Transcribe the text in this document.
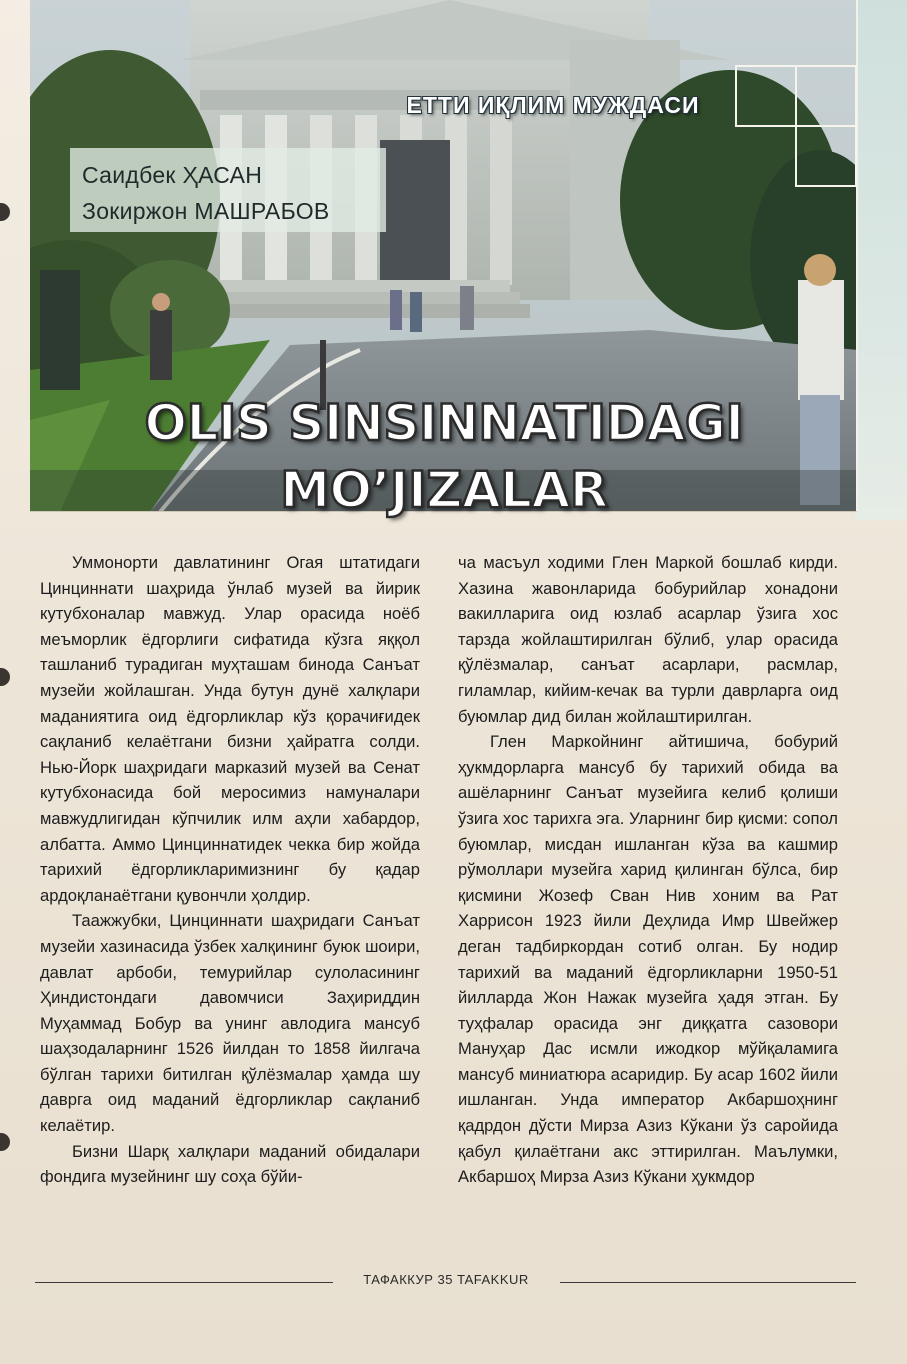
ЕТТИ ИҚЛИМ МУЖДАСИ
Саидбек ҲАСАН
Зокиржон МАШРАБОВ
OLIS SINSINNATIDAGI
MO’JIZALAR

Уммонорти давлатининг Огая штатидаги Цинциннати шаҳрида ўнлаб музей ва йирик кутубхоналар мавжуд. Улар орасида ноёб меъморлик ёдгорлиги сифатида кўзга яққол ташланиб турадиган муҳташам бинода Санъат музейи жойлашган. Унда бутун дунё халқлари маданиятига оид ёдгорликлар кўз қорачиғидек сақланиб келаётгани бизни ҳайратга солди. Нью-Йорк шаҳридаги марказий музей ва Сенат кутубхонасида бой меросимиз намуналари мавжудлигидан кўпчилик илм аҳли хабардор, албатта. Аммо Цинциннатидек чекка бир жойда тарихий ёдгорликларимизнинг бу қадар ардоқланаётгани қувончли ҳолдир.

Таажжубки, Цинциннати шаҳридаги Санъат музейи хазинасида ўзбек халқининг буюк шоири, давлат арбоби, темурийлар сулоласининг Ҳиндистондаги давомчиси Заҳириддин Муҳаммад Бобур ва унинг авлодига мансуб шаҳзодаларнинг 1526 йилдан то 1858 йилгача бўлган тарихи битилган қўлёзмалар ҳамда шу даврга оид маданий ёдгорликлар сақланиб келаётир.

Бизни Шарқ халқлари маданий обидалари фондига музейнинг шу соҳа бўйи-

ча масъул ходими Глен Маркой бошлаб кирди. Хазина жавонларида бобурийлар хонадони вакилларига оид юзлаб асарлар ўзига хос тарзда жойлаштирилган бўлиб, улар орасида қўлёзмалар, санъат асарлари, расмлар, гиламлар, кийим-кечак ва турли даврларга оид буюмлар дид билан жойлаштирилган.

Глен Маркойнинг айтишича, бобурий ҳукмдорларга мансуб бу тарихий обида ва ашёларнинг Санъат музейига келиб қолиши ўзига хос тарихга эга. Уларнинг бир қисми: сопол буюмлар, мисдан ишланган кўза ва кашмир рўмоллари музейга харид қилинган бўлса, бир қисмини Жозеф Сван Нив хоним ва Рат Харрисон 1923 йили Деҳлида Имр Швейжер деган тадбиркордан сотиб олган. Бу нодир тарихий ва маданий ёдгорликларни 1950-51 йилларда Жон Нажак музейга ҳадя этган. Бу туҳфалар орасида энг диққатга сазовори Мануҳар Дас исмли ижодкор мўйқаламига мансуб миниатюра асаридир. Бу асар 1602 йили ишланган. Унда император Акбаршоҳнинг қадрдон дўсти Мирза Азиз Кўкани ўз саройида қабул қилаётгани акс эттирилган. Маълумки, Акбаршоҳ Мирза Азиз Кўкани ҳукмдор

ТАФАККУР 35 TAFAKKUR
